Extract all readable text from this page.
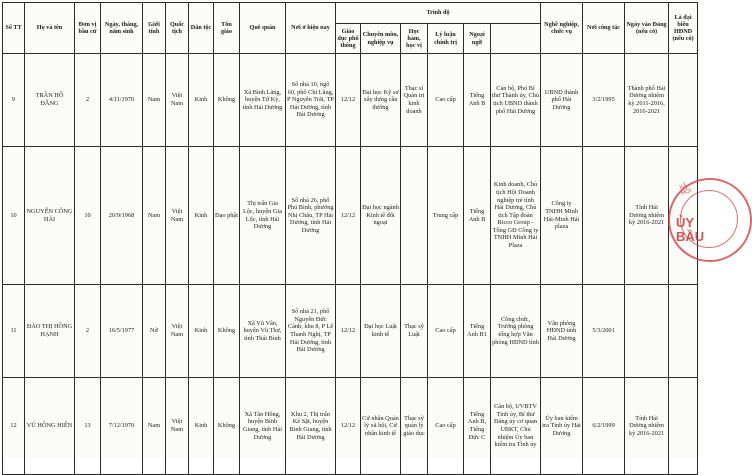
Số TT	Họ và tên	Đơn vị bầu cử	Ngày, tháng, năm sinh	Giới tính	Quốc tịch	Dân tộc	Tôn giáo	Quê quán	Nơi ở hiện nay	Trình độ						Nghề nghiệp, chức vụ	Nơi công tác	Ngày vào Đảng (nếu có)	Là đại biểu HĐND (nếu có)	
										Giáo dục phổ thông	Chuyên môn, nghiệp vụ	Học hàm, học vị	Lý luận chính trị	Ngoại ngữ						
9	TRẦN HỒ ĐĂNG	2	4/11/1970	Nam	Việt Nam	Kinh	Không	Xã Bình Lãng, huyện Tứ Kỳ, tỉnh Hải Dương	Số nhà 10, ngõ 60, phố Chi Lăng, P Nguyễn Trãi, TP Hải Dương, tỉnh Hải Dương	12/12	Đại học Kỹ sư xây dựng cầu đường	Thạc sĩ Quản trị kinh doanh	Cao cấp	Tiếng Anh B	Cán bộ, Phó Bí thư Thành ủy, Chủ tịch UBND thành phố Hải Dương	UBND thành phố Hải Dương	3/2/1995	Thành phố Hải Dương nhiệm kỳ 2011-2016, 2016-2021		
10	NGUYỄN CÔNG HẢI	10	20/9/1968	Nam	Việt Nam	Kinh	Đạo phật	Thị trấn Gia Lộc, huyện Gia Lộc, tỉnh Hải Dương	Số nhà 26, phố Phú Bình, phường Nhị Châu, TP Hải Dương, tỉnh Hải Dương	12/12	Đại học ngành Kinh tế đối ngoại		Trung cấp	Tiếng Anh B	Kinh doanh, Chủ tịch Hội Doanh nghiệp trẻ tỉnh Hải Dương, Chủ tịch Tập đoàn Ricco Group - Tổng GĐ Công ty TNHH Minh Hải Plaza	Công ty TNHH Minh Hải-Minh Hải plaza		Tỉnh Hải Dương nhiệm kỳ 2016-2021		
11	ĐÀO THỊ HỒNG HẠNH	2	16/5/1977	Nữ	Việt Nam	Kinh	Không	Xã Vũ Vân, huyện Vũ Thư, tỉnh Thái Bình	Số nhà 21, phố Nguyễn Đức Cảnh, khu 8, P Lê Thanh Nghị, TP Hải Dương, tỉnh Hải Dương	12/12	Đại học Luật kinh tế	Thạc sỹ Luật	Cao cấp	Tiếng Anh B1	Công chức, Trưởng phòng tổng hợp Văn phòng HĐND tỉnh	Văn phòng HĐND tỉnh Hải Dương	5/3/2001			
12	VŨ HỒNG HIỂN	13	7/12/1970	Nam	Việt Nam	Kinh	Không	Xã Tân Hồng, huyện Bình Giang, tỉnh Hải Dương	Khu 2, Thị trấn Kẻ Sặt, huyện Bình Giang, tỉnh Hải Dương	12/12	Cử nhân Quản lý xã hội, Cử nhân kinh tế	Thạc sỹ quản lý giáo dục	Cao cấp	Tiếng Anh B, Tiếng Đức C	Cán bộ, UVBTV Tỉnh ủy, Bí thư Đảng ủy cơ quan UBKT, Chủ nhiệm Ủy ban kiểm tra Tỉnh ủy	Ủy ban kiểm tra Tỉnh ủy Hải Dương	6/2/1999	Tỉnh Hải Dương nhiệm kỳ 2016-2021		
XÃ HỘI
ỦY
BẦU
